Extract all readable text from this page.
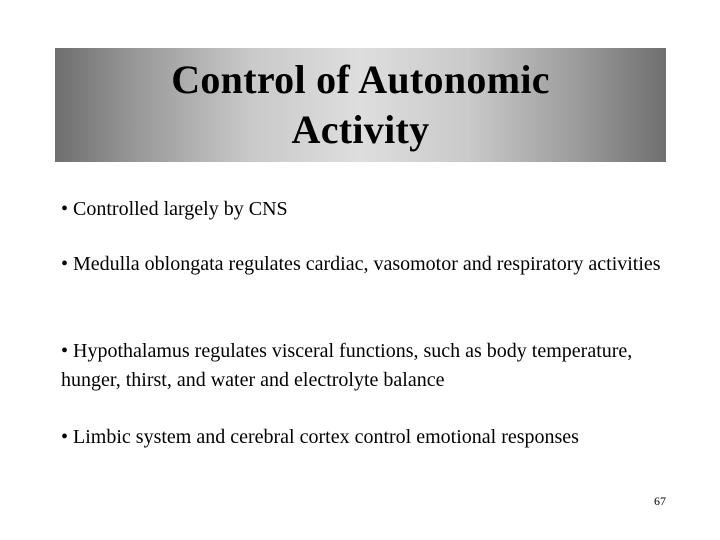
Control of Autonomic Activity
• Controlled largely by CNS
• Medulla oblongata regulates cardiac, vasomotor and respiratory activities
• Hypothalamus regulates visceral functions, such as body temperature, hunger, thirst, and water and electrolyte balance
• Limbic system and cerebral cortex control emotional responses
67
